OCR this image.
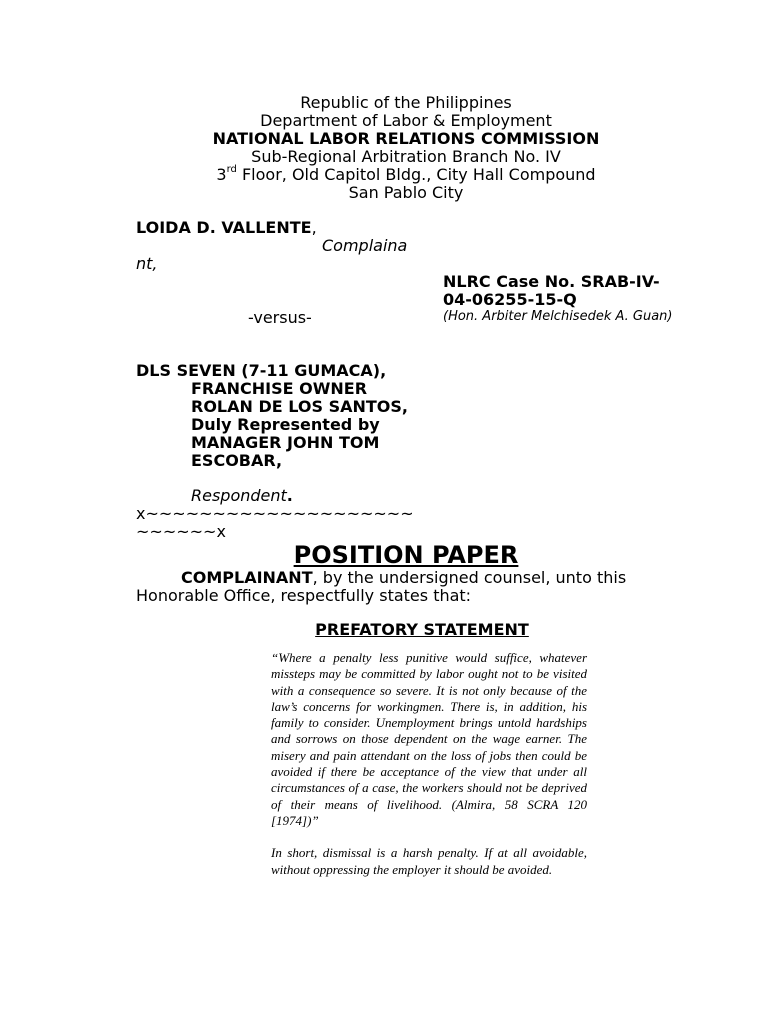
Republic of the Philippines
Department of Labor & Employment
NATIONAL LABOR RELATIONS COMMISSION
Sub-Regional Arbitration Branch No. IV
3rd Floor, Old Capitol Bldg., City Hall Compound
San Pablo City
LOIDA D. VALLENTE,
Complaina
nt,
NLRC Case No. SRAB-IV-
04-06255-15-Q
(Hon. Arbiter Melchisedek A. Guan)
-versus-
DLS SEVEN (7-11 GUMACA),
FRANCHISE OWNER
ROLAN DE LOS SANTOS,
Duly Represented by
MANAGER JOHN TOM
ESCOBAR,
Respondent.
x~~~~~~~~~~~~~~~~~~~~
~~~~~~x
POSITION PAPER
COMPLAINANT, by the undersigned counsel, unto this
Honorable Office, respectfully states that:
PREFATORY STATEMENT

“Where a penalty less punitive would suffice, whatever missteps may be committed by labor ought not to be visited with a consequence so severe. It is not only because of the law’s concerns for workingmen. There is, in addition, his family to consider. Unemployment brings untold hardships and sorrows on those dependent on the wage earner. The misery and pain attendant on the loss of jobs then could be avoided if there be acceptance of the view that under all circumstances of a case, the workers should not be deprived of their means of livelihood. (Almira, 58 SCRA 120 [1974])”

In short, dismissal is a harsh penalty. If at all avoidable, without oppressing the employer it should be avoided.
